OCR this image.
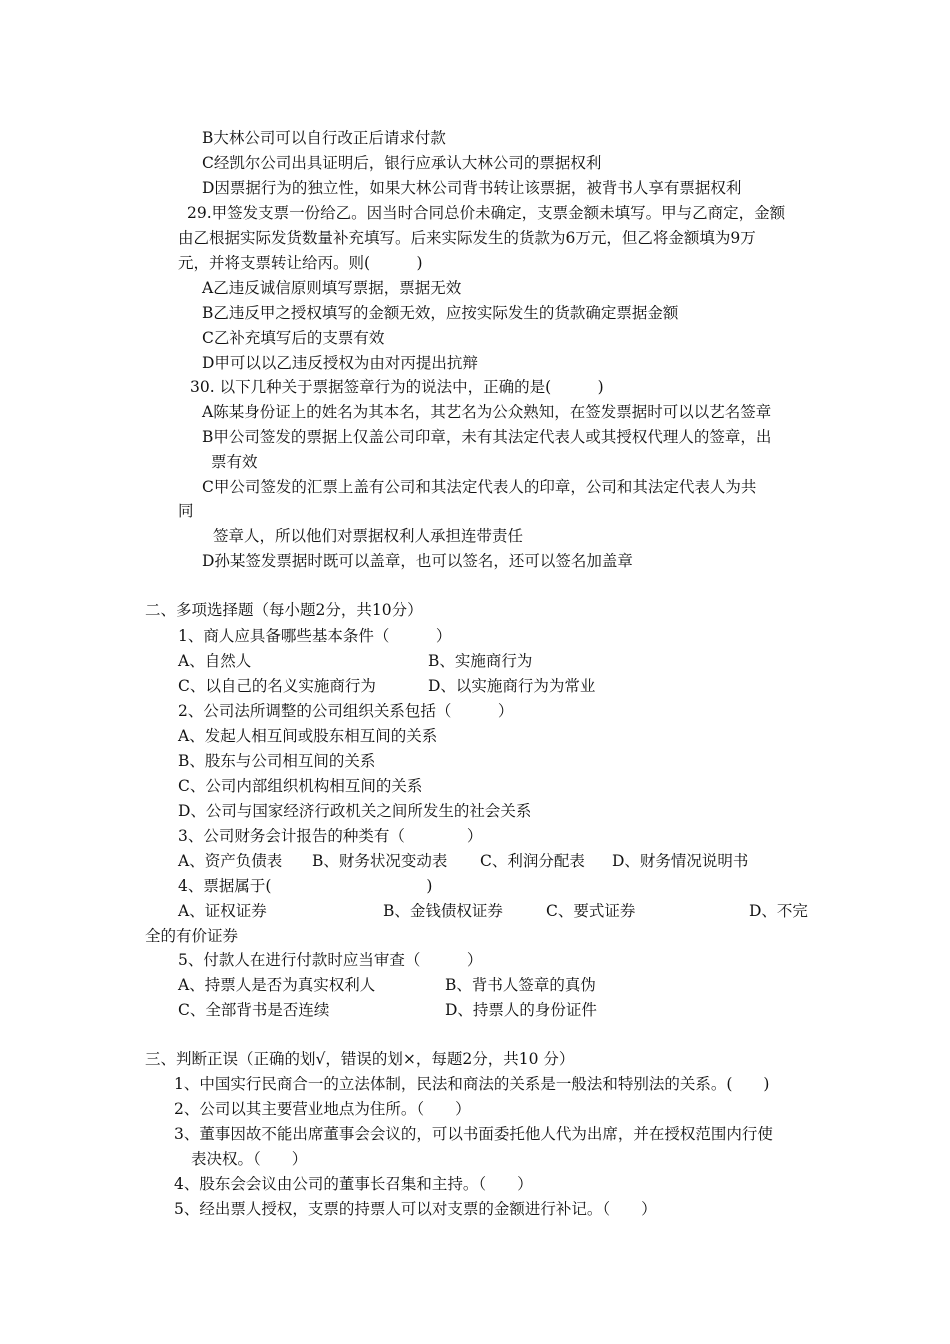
B大林公司可以自行改正后请求付款
C经凯尔公司出具证明后，银行应承认大林公司的票据权利
D因票据行为的独立性，如果大林公司背书转让该票据，被背书人享有票据权利
29.甲签发支票一份给乙。因当时合同总价未确定，支票金额未填写。甲与乙商定，金额
由乙根据实际发货数量补充填写。后来实际发生的货款为6万元，但乙将金额填为9万
元，并将支票转让给丙。则(　　　)
A乙违反诚信原则填写票据，票据无效
B乙违反甲之授权填写的金额无效，应按实际发生的货款确定票据金额
C乙补充填写后的支票有效
D甲可以以乙违反授权为由对丙提出抗辩
30. 以下几种关于票据签章行为的说法中，正确的是(　　　)
A陈某身份证上的姓名为其本名，其艺名为公众熟知，在签发票据时可以以艺名签章
B甲公司签发的票据上仅盖公司印章，未有其法定代表人或其授权代理人的签章，出
票有效
C甲公司签发的汇票上盖有公司和其法定代表人的印章，公司和其法定代表人为共
同
签章人，所以他们对票据权利人承担连带责任
D孙某签发票据时既可以盖章，也可以签名，还可以签名加盖章
二、多项选择题（每小题2分，共10分）
1、商人应具备哪些基本条件（　　　）
A、自然人	B、实施商行为
C、以自己的名义实施商行为	D、以实施商行为为常业
2、公司法所调整的公司组织关系包括（　　　）
A、发起人相互间或股东相互间的关系
B、股东与公司相互间的关系
C、公司内部组织机构相互间的关系
D、公司与国家经济行政机关之间所发生的社会关系
3、公司财务会计报告的种类有（　　　　）
A、资产负债表 B、财务状况变动表 C、利润分配表 D、财务情况说明书
4、票据属于(　　　　　　　　　　)
A、证权证券	B、金钱债权证券	C、要式证券	D、不完
全的有价证券
5、付款人在进行付款时应当审查（　　　）
A、持票人是否为真实权利人	B、背书人签章的真伪
C、全部背书是否连续	D、持票人的身份证件
三、判断正误（正确的划√，错误的划×，每题2分，共10 分）
1、中国实行民商合一的立法体制，民法和商法的关系是一般法和特别法的关系。(　　)
2、公司以其主要营业地点为住所。（　　）
3、董事因故不能出席董事会会议的，可以书面委托他人代为出席，并在授权范围内行使
表决权。（　　）
4、股东会会议由公司的董事长召集和主持。（　　）
5、经出票人授权，支票的持票人可以对支票的金额进行补记。（　　）
